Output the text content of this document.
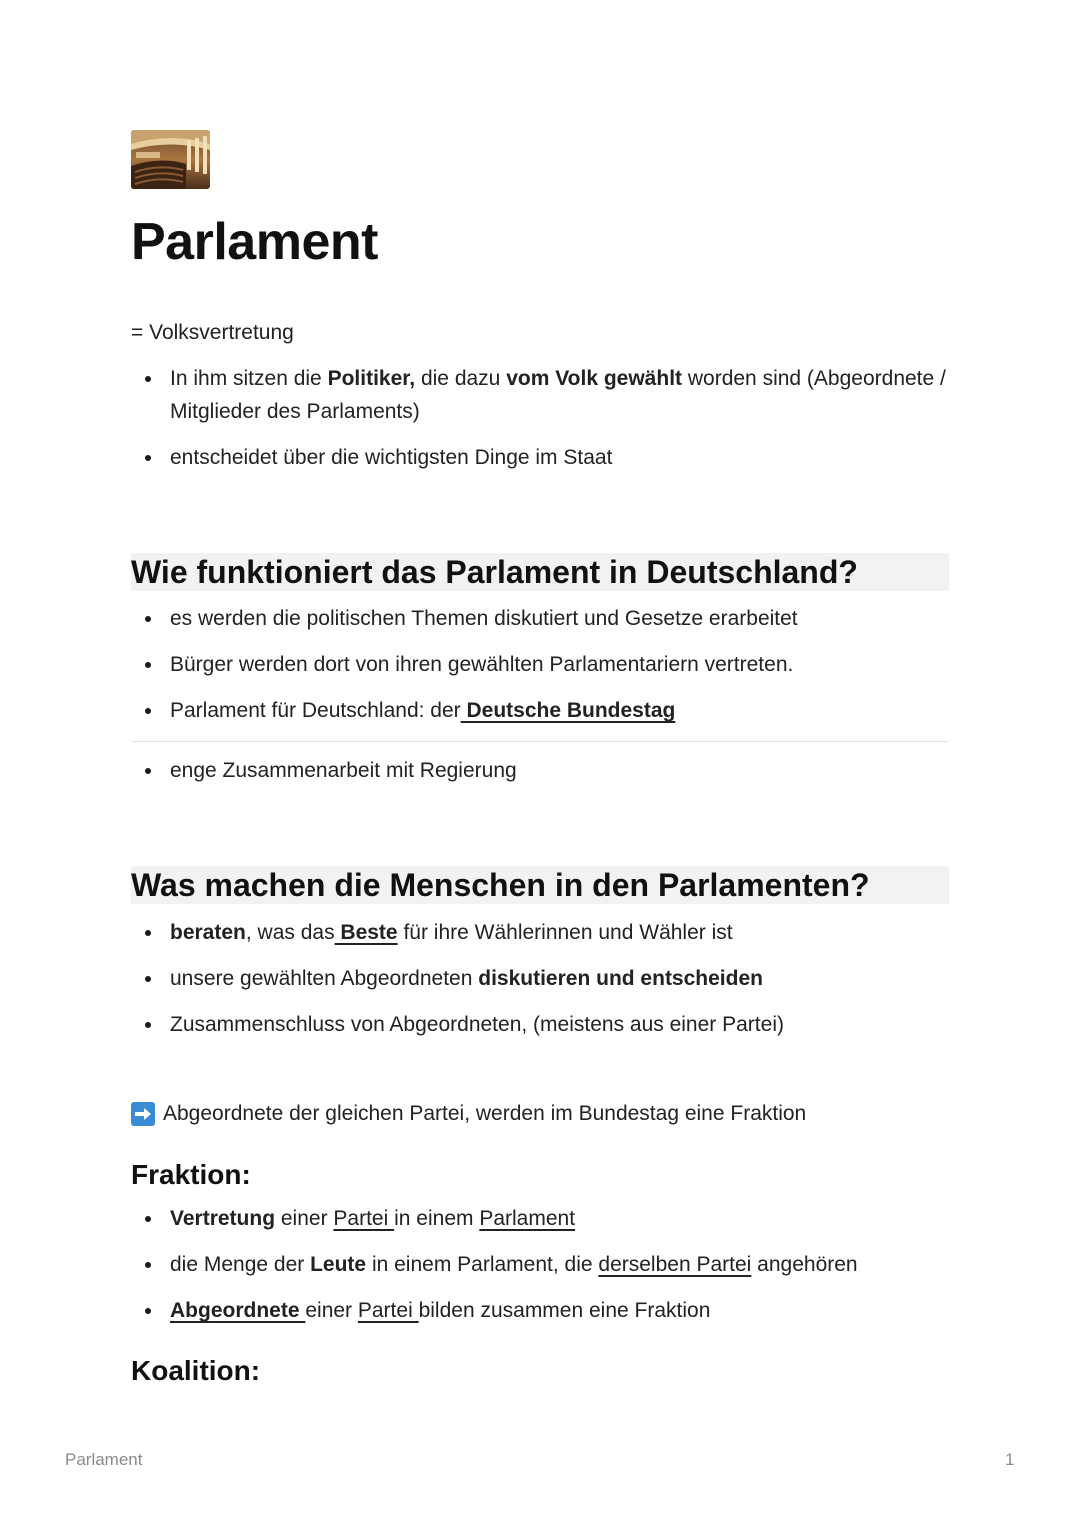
Parlament
= Volksvertretung
In ihm sitzen die Politiker, die dazu vom Volk gewählt worden sind (Abgeordnete / Mitglieder des Parlaments)
entscheidet über die wichtigsten Dinge im Staat
Wie funktioniert das Parlament in Deutschland?
es werden die politischen Themen diskutiert und Gesetze erarbeitet
Bürger werden dort von ihren gewählten Parlamentariern vertreten.
Parlament für Deutschland: der Deutsche Bundestag
enge Zusammenarbeit mit Regierung
Was machen die Menschen in den Parlamenten?
beraten, was das Beste für ihre Wählerinnen und Wähler ist
unsere gewählten Abgeordneten diskutieren und entscheiden
Zusammenschluss von Abgeordneten, (meistens aus einer Partei)
Abgeordnete der gleichen Partei, werden im Bundestag eine Fraktion
Fraktion:
Vertretung einer Partei in einem Parlament
die Menge der Leute in einem Parlament, die derselben Partei angehören
Abgeordnete einer Partei bilden zusammen eine Fraktion
Koalition:
Parlament	1
